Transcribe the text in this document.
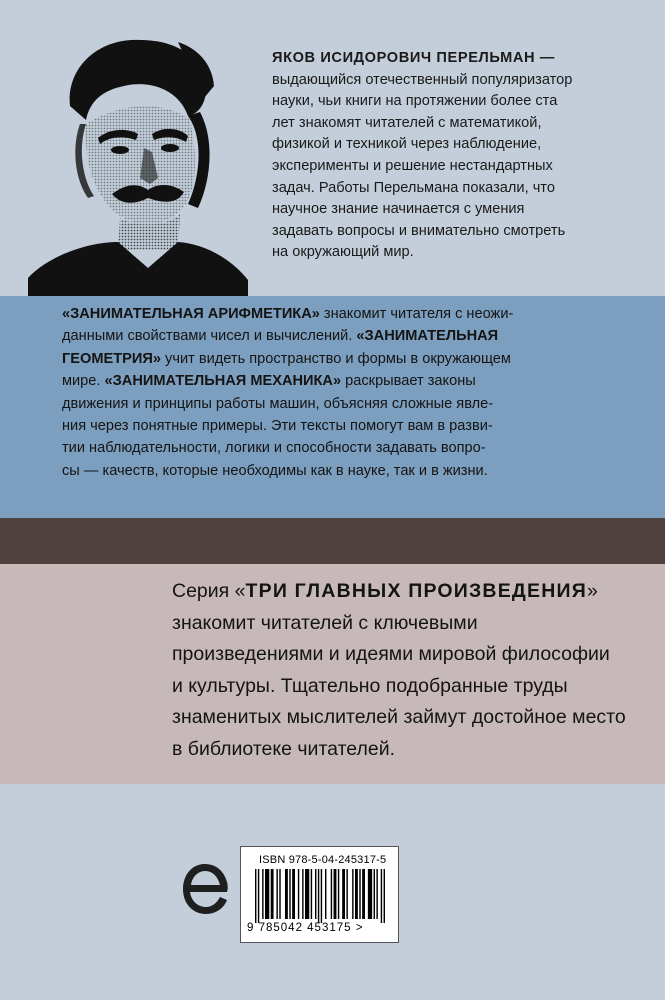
ЯКОВ ИСИДОРОВИЧ ПЕРЕЛЬМАН —
выдающийся отечественный популяризатор
науки, чьи книги на протяжении более ста
лет знакомят читателей с математикой,
физикой и техникой через наблюдение,
эксперименты и решение нестандартных
задач. Работы Перельмана показали, что
научное знание начинается с умения
задавать вопросы и внимательно смотреть
на окружающий мир.
«ЗАНИМАТЕЛЬНАЯ АРИФМЕТИКА» знакомит читателя с неожи-
данными свойствами чисел и вычислений. «ЗАНИМАТЕЛЬНАЯ
ГЕОМЕТРИЯ» учит видеть пространство и формы в окружающем
мире. «ЗАНИМАТЕЛЬНАЯ МЕХАНИКА» раскрывает законы
движения и принципы работы машин, объясняя сложные явле-
ния через понятные примеры. Эти тексты помогут вам в разви-
тии наблюдательности, логики и способности задавать вопро-
сы — качеств, которые необходимы как в науке, так и в жизни.
Серия «ТРИ ГЛАВНЫХ ПРОИЗВЕДЕНИЯ»
знакомит читателей с ключевыми
произведениями и идеями мировой философии
и культуры. Тщательно подобранные труды
знаменитых мыслителей займут достойное место
в библиотеке читателей.
ISBN 978-5-04-245317-5
9 785042 453175 >
